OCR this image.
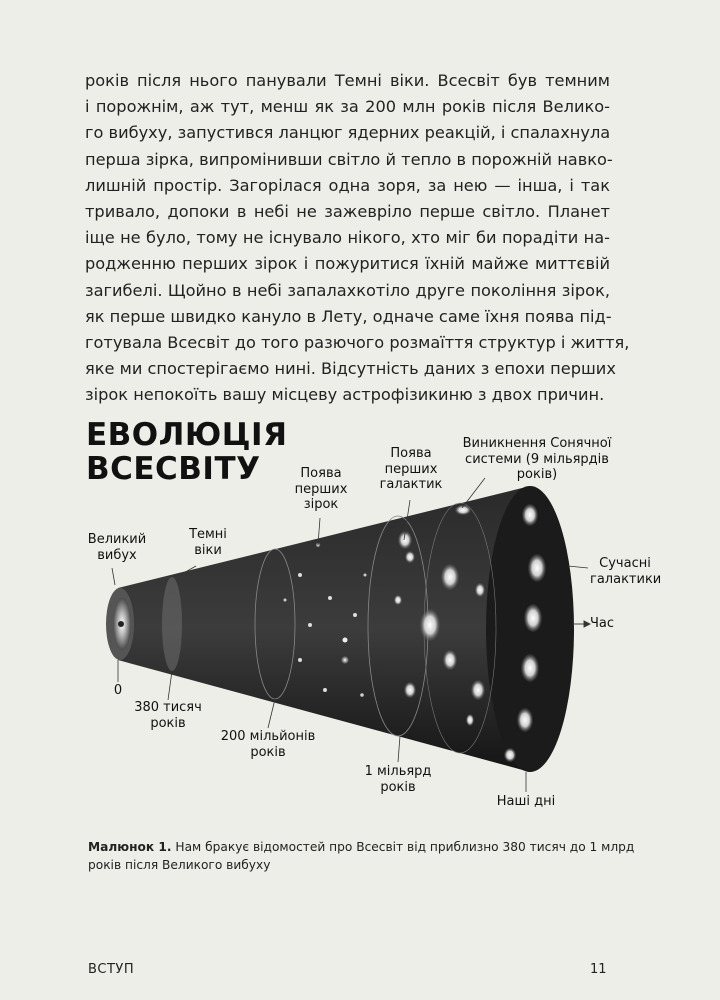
років після нього панували Темні віки. Всесвіт був темним
і порожнім, аж тут, менш як за 200 млн років після Велико-
го вибуху, запустився ланцюг ядерних реакцій, і спалахнула
перша зірка, випромінивши світло й тепло в порожній навко-
лишній простір. Загорілася одна зоря, за нею — інша, і так
тривало, допоки в небі не зажевріло перше світло. Планет
іще не було, тому не існувало нікого, хто міг би порадіти на-
родженню перших зірок і пожуритися їхній майже миттєвій
загибелі. Щойно в небі запалахкотіло друге покоління зірок,
як перше швидко кануло в Лету, одначе саме їхня поява під-
готувала Всесвіт до того разючого розмаїття структур і життя,
яке ми спостерігаємо нині. Відсутність даних з епохи перших
зірок непокоїть вашу місцеву астрофізикиню з двох причин.
ЕВОЛЮЦІЯ
ВСЕСВІТУ
Великий
вибух
Темні
віки
Поява
перших
зірок
Поява
перших
галактик
Виникнення Сонячної
системи (9 мільярдів років)
Сучасні
галактики
Час
0
380 тисяч
років
200 мільйонів
років
1 мільярд
років
Наші дні
Малюнок 1. Нам бракує відомостей про Всесвіт від приблизно 380 тисяч до 1 млрд
років після Великого вибуху
ВСТУП	11
